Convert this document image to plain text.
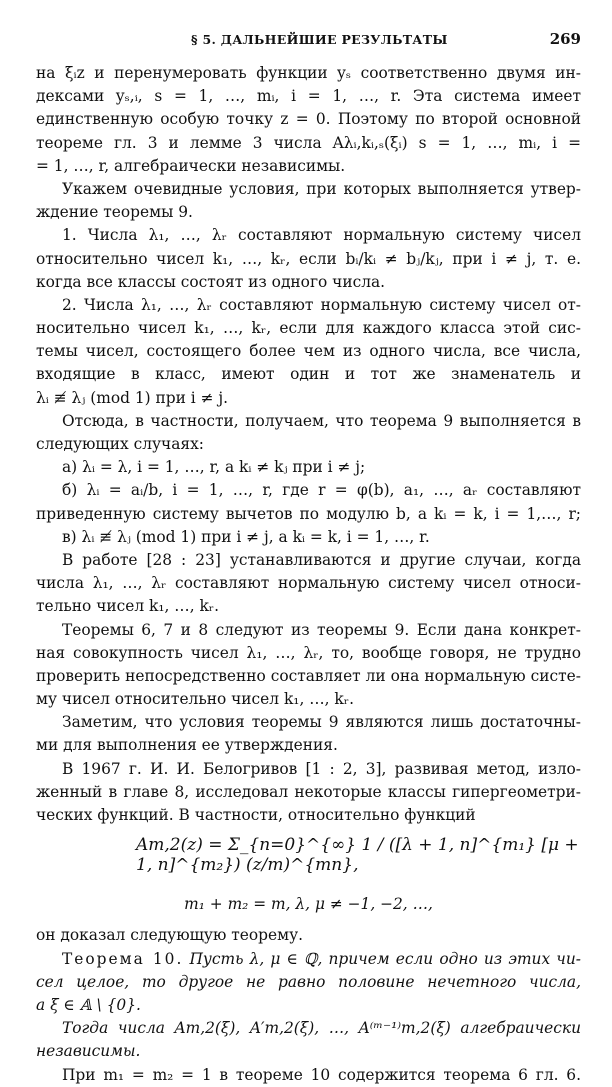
§ 5. ДАЛЬНЕЙШИЕ РЕЗУЛЬТАТЫ	269
на ξᵢz и перенумеровать функции yₛ соответственно двумя ин-
дексами yₛ,ᵢ, s = 1, …, mᵢ, i = 1, …, r. Эта система имеет
единственную особую точку z = 0. Поэтому по второй основной
теореме гл. 3 и лемме 3 числа Aλᵢ,kᵢ,ₛ(ξᵢ) s = 1, …, mᵢ, i =
= 1, …, r, алгебраически независимы.
Укажем очевидные условия, при которых выполняется утвер-
ждение теоремы 9.
1. Числа λ₁, …, λᵣ составляют нормальную систему чисел
относительно чисел k₁, …, kᵣ, если bᵢ/kᵢ ≠ bⱼ/kⱼ, при i ≠ j, т. е.
когда все классы состоят из одного числа.
2. Числа λ₁, …, λᵣ составляют нормальную систему чисел от-
носительно чисел k₁, …, kᵣ, если для каждого класса этой сис-
темы чисел, состоящего более чем из одного числа, все числа,
входящие в класс, имеют один и тот же знаменатель и
λᵢ ≢ λⱼ (mod 1) при i ≠ j.
Отсюда, в частности, получаем, что теорема 9 выполняется в
следующих случаях:
а) λᵢ = λ, i = 1, …, r, а kᵢ ≠ kⱼ при i ≠ j;
б) λᵢ = aᵢ/b, i = 1, …, r, где r = φ(b), a₁, …, aᵣ составляют
приведенную систему вычетов по модулю b, а kᵢ = k, i = 1,…, r;
в) λᵢ ≢ λⱼ (mod 1) при i ≠ j, а kᵢ = k, i = 1, …, r.
В работе [28 : 23] устанавливаются и другие случаи, когда
числа λ₁, …, λᵣ составляют нормальную систему чисел относи-
тельно чисел k₁, …, kᵣ.
Теоремы 6, 7 и 8 следуют из теоремы 9. Если дана конкрет-
ная совокупность чисел λ₁, …, λᵣ, то, вообще говоря, не трудно
проверить непосредственно составляет ли она нормальную систе-
му чисел относительно чисел k₁, …, kᵣ.
Заметим, что условия теоремы 9 являются лишь достаточны-
ми для выполнения ее утверждения.
В 1967 г. И. И. Белогривов [1 : 2, 3], развивая метод, изло-
женный в главе 8, исследовал некоторые классы гипергеометри-
ческих функций. В частности, относительно функций
Am,2(z) = Σ_{n=0}^{∞} 1 / ([λ + 1, n]^{m₁} [μ + 1, n]^{m₂}) (z/m)^{mn},
m₁ + m₂ = m, λ, μ ≠ −1, −2, …,
он доказал следующую теорему.
Теорема 10. Пусть λ, μ ∈ ℚ, причем если одно из этих чи-
сел целое, то другое не равно половине нечетного числа,
a ξ ∈ 𝔸 \ {0}.
Тогда числа Am,2(ξ), A′m,2(ξ), …, A⁽ᵐ⁻¹⁾m,2(ξ) алгебраически
независимы.
При m₁ = m₂ = 1 в теореме 10 содержится теорема 6 гл. 6.
